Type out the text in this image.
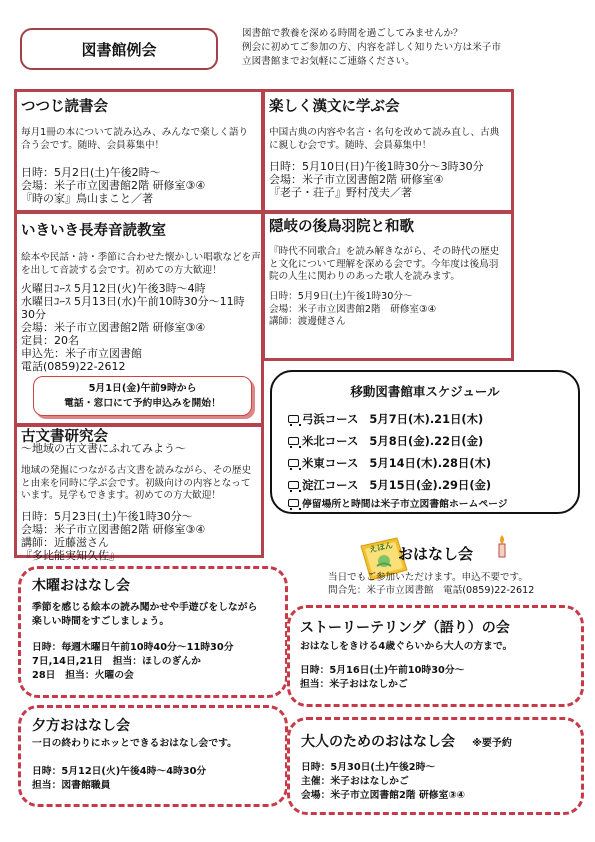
図書館例会
図書館で教養を深める時間を過ごしてみませんか？
例会に初めてご参加の方、内容を詳しく知りたい方は米子市
立図書館までお気軽にご連絡ください。
つつじ読書会
毎月1冊の本について読み込み、みんなで楽しく語り
合う会です。随時、会員募集中！
日時：5月2日(土)午後2時～
会場：米子市立図書館2階 研修室③④
『時の家』鳥山まこと／著
楽しく漢文に学ぶ会
中国古典の内容や名言・名句を改めて読み直し、古典
に親しむ会です。随時、会員募集中！
日時：5月10日(日)午後1時30分～3時30分
会場：米子市立図書館2階 研修室④
『老子・荘子』野村茂夫／著
いきいき長寿音読教室
絵本や民話・詩・季節に合わせた懐かしい唱歌などを声
を出して音読する会です。初めての方大歓迎！
火曜日ｺｰｽ 5月12日(火)午後3時～4時
水曜日ｺｰｽ 5月13日(水)午前10時30分～11時
30分
会場：米子市立図書館2階 研修室③④
定員：20名
申込先：米子市立図書館
電話(0859)22-2612
隠岐の後鳥羽院と和歌
『時代不同歌合』を読み解きながら、その時代の歴史
と文化について理解を深める会です。今年度は後鳥羽
院の人生に関わりのあった歌人を読みます。
日時：5月9日(土)午後1時30分～
会場：米子市立図書館2階　研修室③④
講師：渡邊健さん
古文書研究会
～地域の古文書にふれてみよう～
地域の発掘につながる古文書を読みながら、その歴史
と由来を同時に学ぶ会です。初級向けの内容となって
います。見学もできます。初めての方大歓迎！
日時：5月23日(土)午後1時30分～
会場：米子市立図書館2階 研修室③④
講師：近藤滋さん
『多比能実知久佐』
5月1日(金)午前9時から
電話・窓口にて予約申込みを開始！
移動図書館車スケジュール
弓浜コース 5月7日(木).21日(木)
米北コース 5月8日(金).22日(金)
米東コース 5月14日(木).28日(木)
淀江コース 5月15日(金).29日(金)
停留場所と時間は米子市立図書館ホームページ
えほん おはなし会
当日でもご参加いただけます。申込不要です。
問合先：米子市立図書館　電話(0859)22-2612
木曜おはなし会
季節を感じる絵本の読み聞かせや手遊びをしながら
楽しい時間をすごしましょう。
日時：毎週木曜日午前10時40分～11時30分
7日,14日,21日　担当：ほしのぎんか
28日　担当：火曜の会
ストーリーテリング（語り）の会
おはなしをきける4歳ぐらいから大人の方まで。
日時：5月16日(土)午前10時30分～
担当：米子おはなしかご
夕方おはなし会
一日の終わりにホッとできるおはなし会です。
日時：5月12日(火)午後4時～4時30分
担当：図書館職員
大人のためのおはなし会 ※要予約
日時：5月30日(土)午後2時～
主催：米子おはなしかご
会場：米子市立図書館2階 研修室③④
